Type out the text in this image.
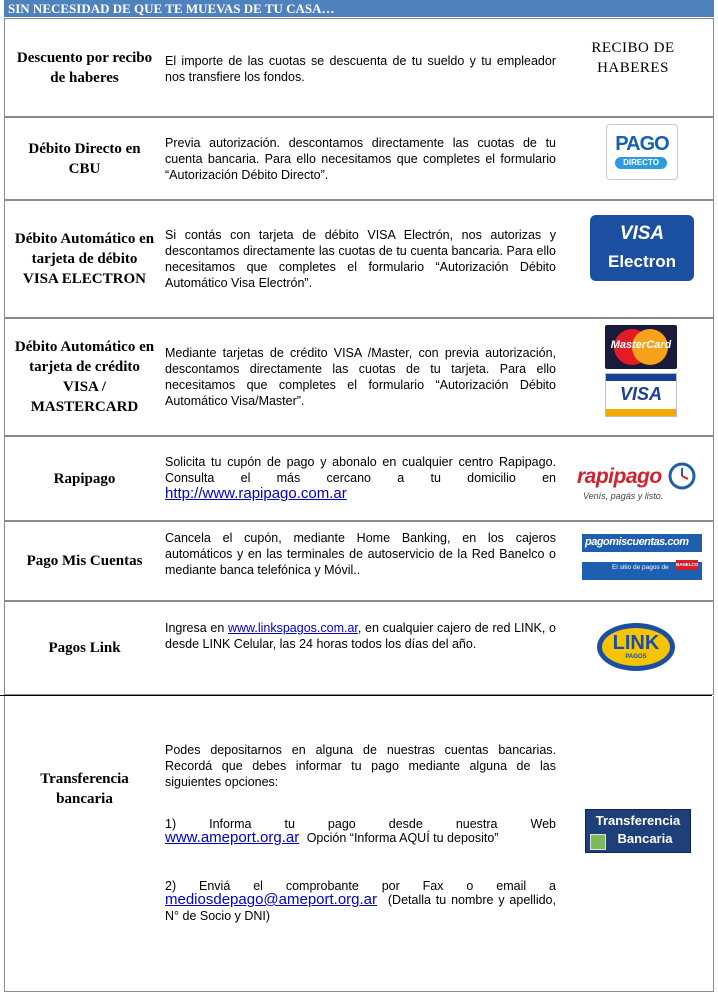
SIN NECESIDAD DE QUE TE MUEVAS DE TU CASA…
Descuento por recibo de haberes
El importe de las cuotas se descuenta de tu sueldo y tu empleador nos transfiere los fondos.
RECIBO DE HABERES
Débito Directo en CBU
Previa autorización. descontamos directamente las cuotas de tu cuenta bancaria. Para ello necesitamos que completes el formulario “Autorización Débito Directo”.
PAGO
DIRECTO
Débito Automático en tarjeta de débito VISA ELECTRON
Si contás con tarjeta de débito VISA Electrón, nos autorizas y descontamos directamente las cuotas de tu cuenta bancaria. Para ello necesitamos que completes el formulario “Autorización Débito Automático Visa Electrón”.
VISA
Electron
Débito Automático en tarjeta de crédito VISA / MASTERCARD
Mediante tarjetas de crédito VISA /Master, con previa autorización, descontamos directamente las cuotas de tu tarjeta. Para ello necesitamos que completes el formulario “Autorización Débito Automático Visa/Master”.
MasterCard
VISA
Rapipago
Solicita tu cupón de pago y abonalo en cualquier centro Rapipago. Consulta el más cercano a tu domicilio en http://www.rapipago.com.ar
rapipago
Venís, pagás y listo.
Pago Mis Cuentas
Cancela el cupón, mediante Home Banking, en los cajeros automáticos y en las terminales de autoservicio de la Red Banelco o mediante banca telefónica y Móvil..
pagomiscuentas.com
El sitio de pagos de BANELCO
Pagos Link
Ingresa en www.linkspagos.com.ar, en cualquier cajero de red LINK, o desde LINK Celular, las 24 horas todos los días del año.	LINK
PAGOS
Transferencia bancaria
Podes depositarnos en alguna de nuestras cuentas bancarias. Recordá que debes informar tu pago mediante alguna de las siguientes opciones:
1) Informa tu pago desde nuestra Web
www.ameport.org.ar Opción “Informa AQUÍ tu deposito”
2) Enviá el comprobante por Fax o email a
mediosdepago@ameport.org.ar (Detalla tu nombre y apellido, N° de Socio y DNI)
Transferencia
Bancaria
